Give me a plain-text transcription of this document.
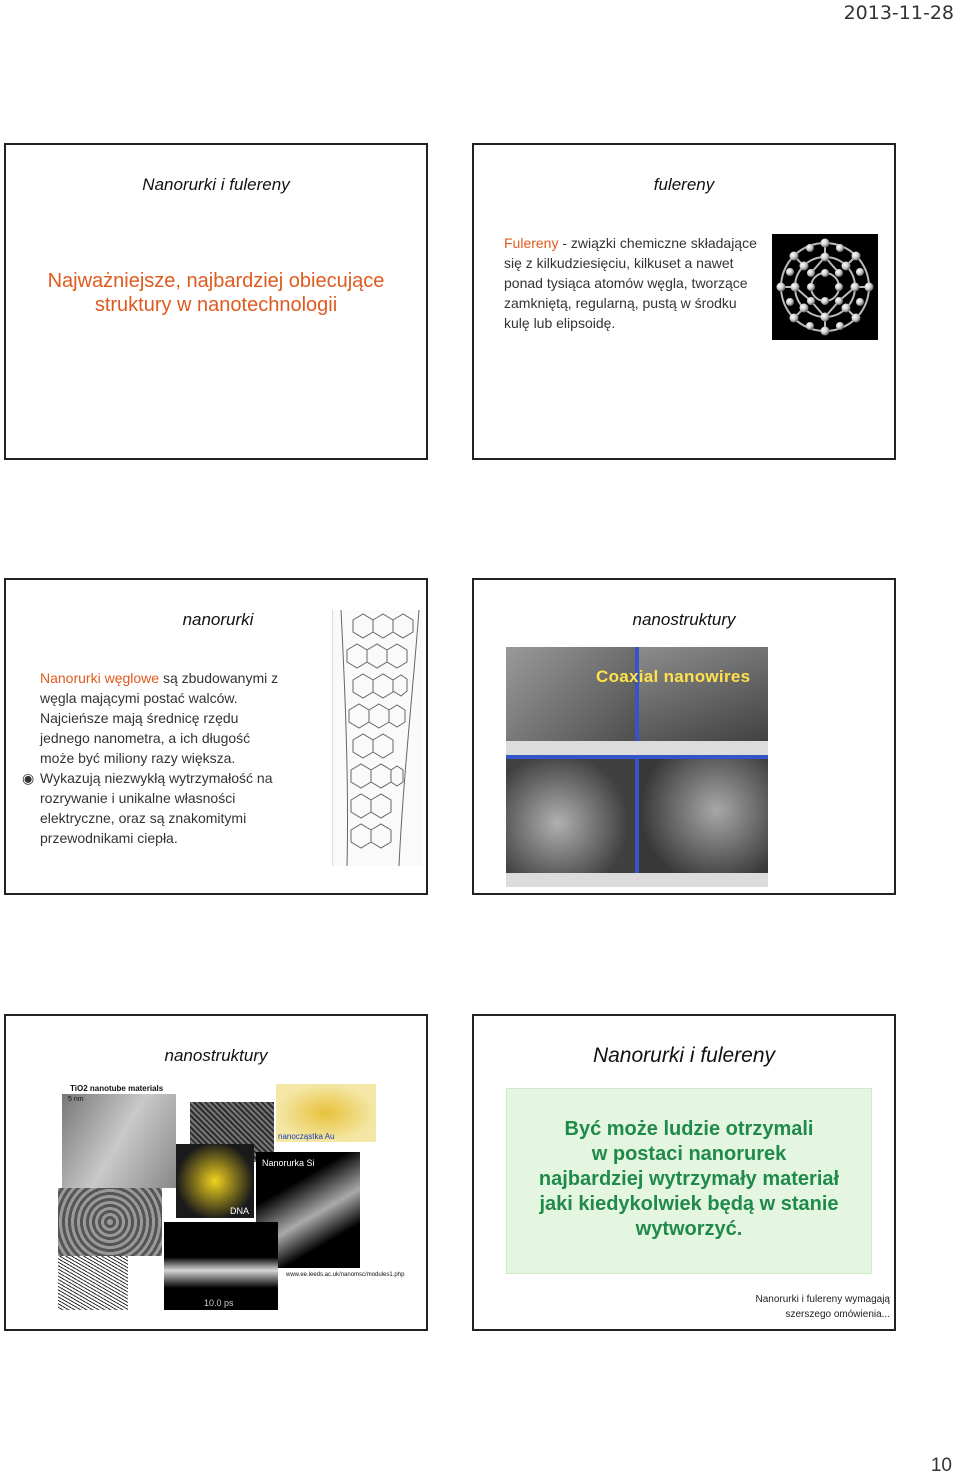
2013-11-28
Nanorurki i fulereny
Najważniejsze, najbardziej obiecujące
struktury w nanotechnologii
fulereny
Fulereny - związki chemiczne składające
się z kilkudziesięciu, kilkuset a nawet
ponad tysiąca atomów węgla, tworzące
zamkniętą, regularną, pustą w środku
kulę lub elipsoidę.
nanorurki
Nanorurki węglowe są zbudowanymi z
węgla mającymi postać walców.
Najcieńsze mają średnicę rzędu
jednego nanometra, a ich długość
może być miliony razy większa.
◉ Wykazują niezwykłą wytrzymałość na
rozrywanie i unikalne własności
elektryczne, oraz są znakomitymi
przewodnikami ciepła.
nanostruktury
Coaxial nanowires
nanostruktury
TiO2 nanotube materials
5 nm
nanocząstka Au
DNA
Nanorurka Si
10.0 ps
www.ee.leeds.ac.uk/nanomsc/modules1.php
Nanorurki i fulereny
Być może ludzie otrzymali
w postaci nanorurek
najbardziej wytrzymały materiał
jaki kiedykolwiek będą w stanie
wytworzyć.
Nanorurki i fulereny wymagają
szerszego omówienia...
10
